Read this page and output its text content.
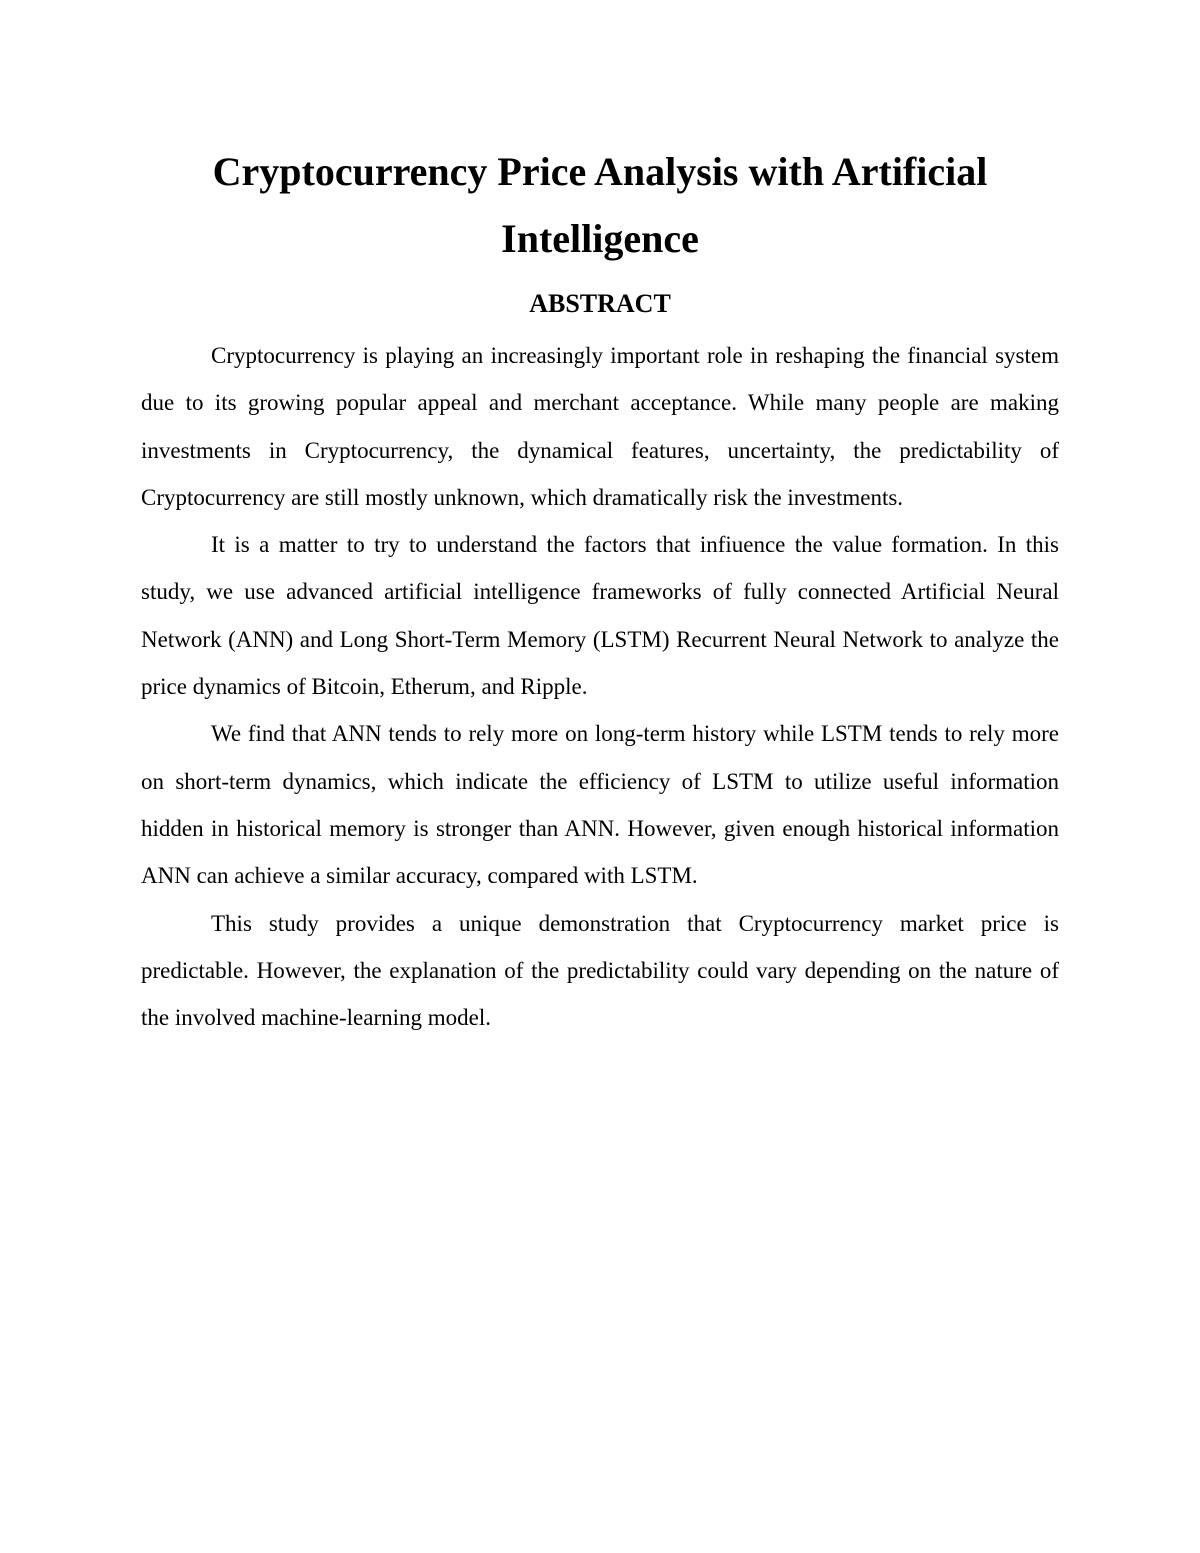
Cryptocurrency Price Analysis with Artificial Intelligence
ABSTRACT

Cryptocurrency is playing an increasingly important role in reshaping the financial system due to its growing popular appeal and merchant acceptance. While many people are making investments in Cryptocurrency, the dynamical features, uncertainty, the predictability of Cryptocurrency are still mostly unknown, which dramatically risk the investments.

It is a matter to try to understand the factors that infiuence the value formation. In this study, we use advanced artificial intelligence frameworks of fully connected Artificial Neural Network (ANN) and Long Short-Term Memory (LSTM) Recurrent Neural Network to analyze the price dynamics of Bitcoin, Etherum, and Ripple.

We find that ANN tends to rely more on long-term history while LSTM tends to rely more on short-term dynamics, which indicate the efficiency of LSTM to utilize useful information hidden in historical memory is stronger than ANN. However, given enough historical information ANN can achieve a similar accuracy, compared with LSTM.

This study provides a unique demonstration that Cryptocurrency market price is predictable. However, the explanation of the predictability could vary depending on the nature of the involved machine-learning model.
